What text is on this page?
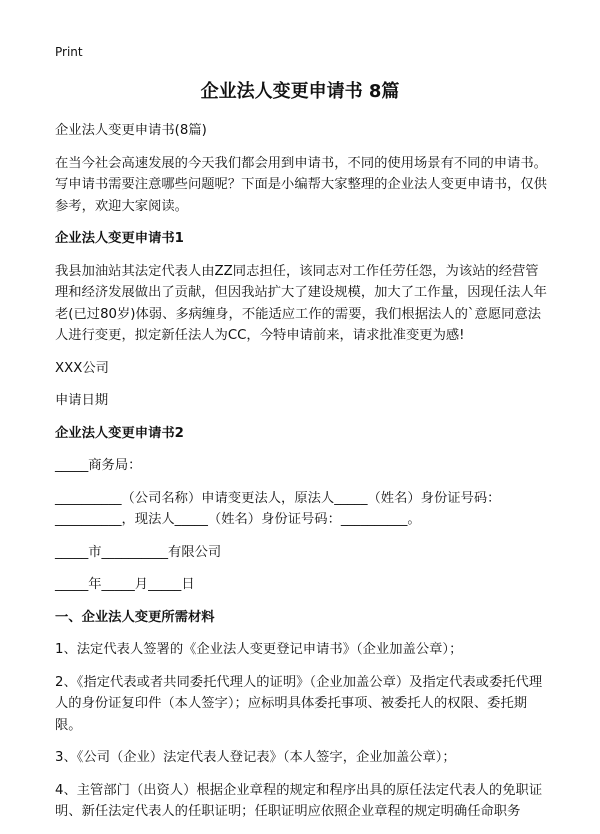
Print
企业法人变更申请书 8篇

企业法人变更申请书(8篇)

在当今社会高速发展的今天我们都会用到申请书，不同的使用场景有不同的申请书。写申请书需要注意哪些问题呢？下面是小编帮大家整理的企业法人变更申请书，仅供参考，欢迎大家阅读。

企业法人变更申请书1

我县加油站其法定代表人由ZZ同志担任，该同志对工作任劳任怨，为该站的经营管理和经济发展做出了贡献，但因我站扩大了建设规模，加大了工作量，因现任法人年老(已过80岁)体弱、多病缠身，不能适应工作的需要，我们根据法人的`意愿同意法人进行变更，拟定新任法人为CC，今特申请前来，请求批准变更为感!

XXX公司

申请日期

企业法人变更申请书2

_____商务局：

__________（公司名称）申请变更法人，原法人_____（姓名）身份证号码：__________，现法人_____（姓名）身份证号码：__________。

_____市__________有限公司

_____年_____月_____日

一、企业法人变更所需材料

1、法定代表人签署的《企业法人变更登记申请书》（企业加盖公章）；

2、《指定代表或者共同委托代理人的证明》（企业加盖公章）及指定代表或委托代理人的身份证复印件（本人签字）；应标明具体委托事项、被委托人的权限、委托期限。

3、《公司（企业）法定代表人登记表》（本人签字，企业加盖公章）；

4、主管部门（出资人）根据企业章程的规定和程序出具的原任法定代表人的免职证明、新任法定代表人的任职证明；任职证明应依照企业章程的规定明确任命职务
